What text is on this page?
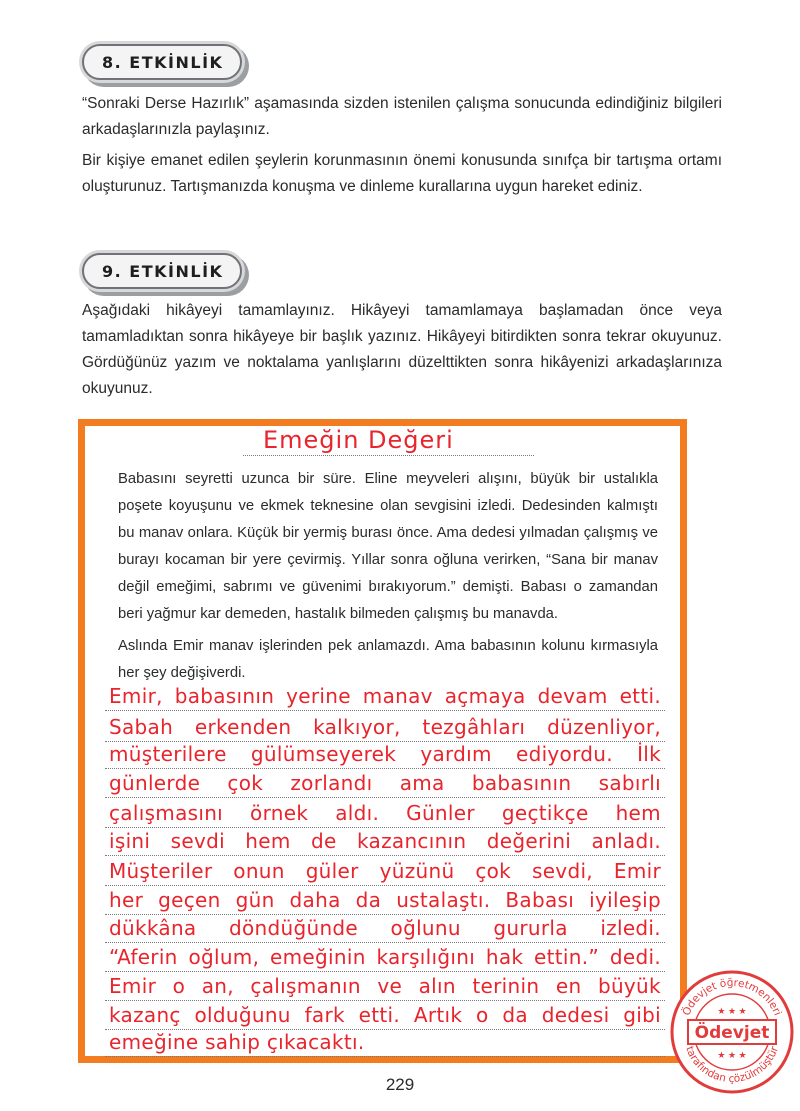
8. ETKİNLİK

“Sonraki Derse Hazırlık” aşamasında sizden istenilen çalışma sonucunda edindiğiniz bilgileri arkadaşlarınızla paylaşınız.

Bir kişiye emanet edilen şeylerin korunmasının önemi konusunda sınıfça bir tartışma ortamı oluşturunuz. Tartışmanızda konuşma ve dinleme kurallarına uygun hareket ediniz.

9. ETKİNLİK

Aşağıdaki hikâyeyi tamamlayınız. Hikâyeyi tamamlamaya başlamadan önce veya tamamladıktan sonra hikâyeye bir başlık yazınız. Hikâyeyi bitirdikten sonra tekrar okuyunuz. Gördüğünüz yazım ve noktalama yanlışlarını düzelttikten sonra hikâyenizi arkadaşlarınıza okuyunuz.

Emeğin Değeri

Babasını seyretti uzunca bir süre. Eline meyveleri alışını, büyük bir ustalıkla poşete koyuşunu ve ekmek teknesine olan sevgisini izledi. Dedesinden kalmıştı bu manav onlara. Küçük bir yermiş burası önce. Ama dedesi yılmadan çalışmış ve burayı kocaman bir yere çevirmiş. Yıllar sonra oğluna verirken, “Sana bir manav değil emeğimi, sabrımı ve güvenimi bırakıyorum.” demişti. Babası o zamandan beri yağmur kar demeden, hastalık bilmeden çalışmış bu manavda.

Aslında Emir manav işlerinden pek anlamazdı. Ama babasının kolunu kırmasıyla her şey değişiverdi.

Emir, babasının yerine manav açmaya devam etti.
Sabah erkenden kalkıyor, tezgâhları düzenliyor,
müşterilere gülümseyerek yardım ediyordu. İlk
günlerde çok zorlandı ama babasının sabırlı
çalışmasını örnek aldı. Günler geçtikçe hem
işini sevdi hem de kazancının değerini anladı.
Müşteriler onun güler yüzünü çok sevdi, Emir
her geçen gün daha da ustalaştı. Babası iyileşip
dükkâna döndüğünde oğlunu gururla izledi.
“Aferin oğlum, emeğinin karşılığını hak ettin.” dedi.
Emir o an, çalışmanın ve alın terinin en büyük
kazanç olduğunu fark etti. Artık o da dedesi gibi
emeğine sahip çıkacaktı.
229
Ödevjet öğretmenleri
tarafından çözülmüştür
Ödevjet
★ ★ ★
★ ★ ★
